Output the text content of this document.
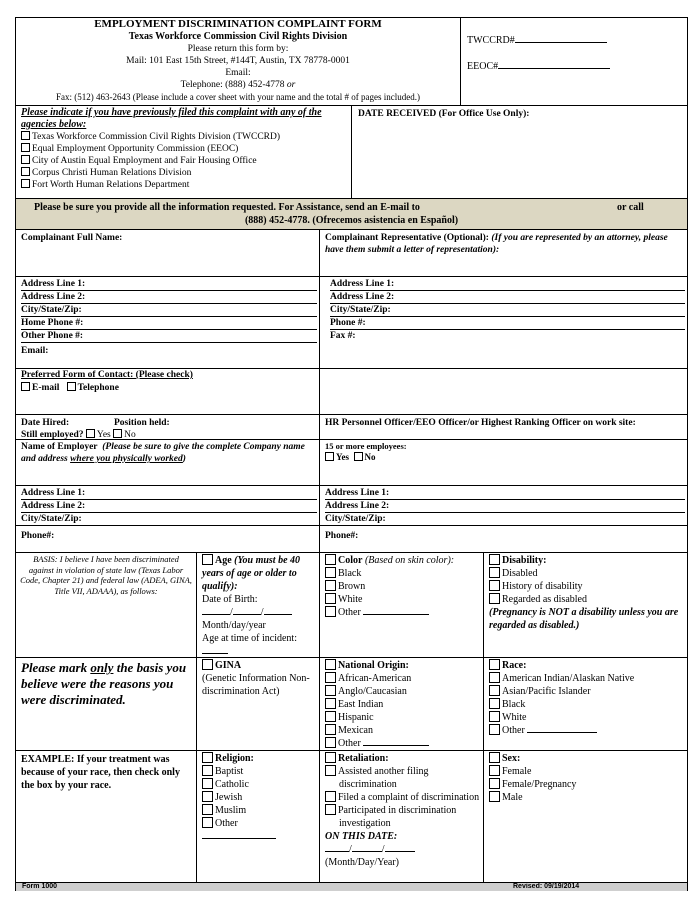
EMPLOYMENT DISCRIMINATION COMPLAINT FORM
Texas Workforce Commission Civil Rights Division
Please return this form by:
Mail: 101 East 15th Street, #144T, Austin, TX 78778-0001
Email:
Telephone: (888) 452-4778 or
Fax: (512) 463-2643 (Please include a cover sheet with your name and the total # of pages included.)
TWCCRD#
EEOC#
Please indicate if you have previously filed this complaint with any of the agencies below:
Texas Workforce Commission Civil Rights Division (TWCCRD)
Equal Employment Opportunity Commission (EEOC)
City of Austin Equal Employment and Fair Housing Office
Corpus Christi Human Relations Division
Fort Worth Human Relations Department
DATE RECEIVED (For Office Use Only):
Please be sure you provide all the information requested. For Assistance, send an E-mail to	or call
(888) 452-4778. (Ofrecemos asistencia en Español)
Complainant Full Name:	Complainant Representative (Optional): (If you are represented by an attorney, please have them submit a letter of representation):
Address Line 1:
Address Line 2:
City/State/Zip:
Home Phone #:
Other Phone #:
Email:
Address Line 1:
Address Line 2:
City/State/Zip:
Phone #:
Fax #:
Preferred Form of Contact: (Please check)
E-mail Telephone
Date Hired:	Position held:
Still employed? Yes No
HR Personnel Officer/EEO Officer/or Highest Ranking Officer on work site:
Name of Employer (Please be sure to give the complete Company name and address where you physically worked)
15 or more employees:
Yes No
Address Line 1:
Address Line 2:
City/State/Zip:
Address Line 1:
Address Line 2:
City/State/Zip:
Phone#:	Phone#:
BASIS: I believe I have been discriminated against in violation of state law (Texas Labor Code, Chapter 21) and federal law (ADEA, GINA, Title VII, ADAAA), as follows:
Please mark only the basis you believe were the reasons you were discriminated.
EXAMPLE: If your treatment was because of your race, then check only the box by your race.
Age (You must be 40 years of age or older to qualify):
Date of Birth:
/	/
Month/day/year
Age at time of incident:
GINA
(Genetic Information Non-discrimination Act)
Religion:
Baptist
Catholic
Jewish
Muslim
Other
Color (Based on skin color):
Black
Brown
White
Other
National Origin:
African-American
Anglo/Caucasian
East Indian
Hispanic
Mexican
Other
Retaliation:
Assisted another filing discrimination
Filed a complaint of discrimination
Participated in discrimination investigation
ON THIS DATE:
/	/
(Month/Day/Year)
Disability:
Disabled
History of disability
Regarded as disabled
(Pregnancy is NOT a disability unless you are regarded as disabled.)
Race:
American Indian/Alaskan Native
Asian/Pacific Islander
Black
White
Other
Sex:
Female
Female/Pregnancy
Male
Form 1000	Revised: 09/19/2014
